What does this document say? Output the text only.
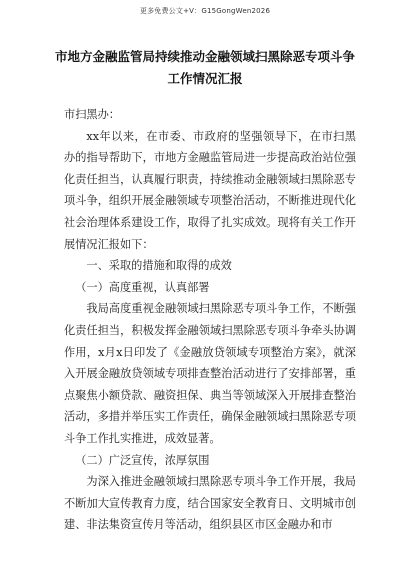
更多免费公文+V：G15GongWen2026
市地方金融监管局持续推动金融领域扫黑除恶专项斗争工作情况汇报

市扫黑办：

xx年以来，在市委、市政府的坚强领导下，在市扫黑办的指导帮助下，市地方金融监管局进一步提高政治站位强化责任担当，认真履行职责，持续推动金融领域扫黑除恶专项斗争，组织开展金融领域专项整治活动，不断推进现代化社会治理体系建设工作，取得了扎实成效。现将有关工作开展情况汇报如下：

一、采取的措施和取得的成效

（一）高度重视，认真部署

我局高度重视金融领域扫黑除恶专项斗争工作，不断强化责任担当，积极发挥金融领域扫黑除恶专项斗争牵头协调作用，x月x日印发了《金融放贷领域专项整治方案》，就深入开展金融放贷领域专项排查整治活动进行了安排部署，重点聚焦小额贷款、融资担保、典当等领域深入开展排查整治活动，多措并举压实工作责任，确保金融领域扫黑除恶专项斗争工作扎实推进，成效显著。

（二）广泛宣传，浓厚氛围

为深入推进金融领域扫黑除恶专项斗争工作开展，我局不断加大宣传教育力度，结合国家安全教育日、文明城市创建、非法集资宣传月等活动，组织县区市区金融办和市
